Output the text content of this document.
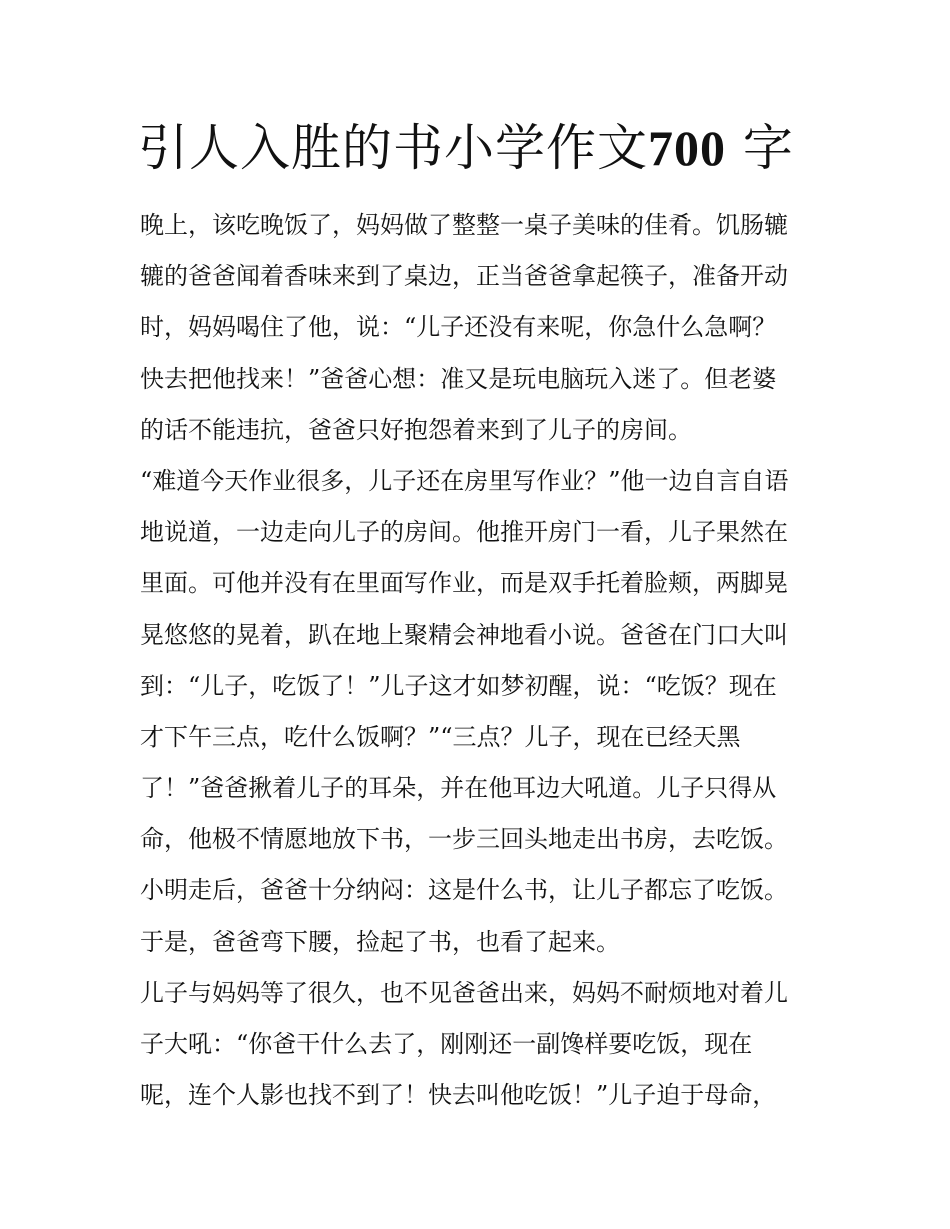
引人入胜的书小学作文700 字
晚上，该吃晚饭了，妈妈做了整整一桌子美味的佳肴。饥肠辘
辘的爸爸闻着香味来到了桌边，正当爸爸拿起筷子，准备开动
时，妈妈喝住了他，说：“儿子还没有来呢，你急什么急啊？
快去把他找来！”爸爸心想：准又是玩电脑玩入迷了。但老婆
的话不能违抗，爸爸只好抱怨着来到了儿子的房间。
“难道今天作业很多，儿子还在房里写作业？”他一边自言自语
地说道，一边走向儿子的房间。他推开房门一看，儿子果然在
里面。可他并没有在里面写作业，而是双手托着脸颊，两脚晃
晃悠悠的晃着，趴在地上聚精会神地看小说。爸爸在门口大叫
到：“儿子，吃饭了！”儿子这才如梦初醒，说：“吃饭？现在
才下午三点，吃什么饭啊？”“三点？儿子，现在已经天黑
了！”爸爸揪着儿子的耳朵，并在他耳边大吼道。儿子只得从
命，他极不情愿地放下书，一步三回头地走出书房，去吃饭。
小明走后，爸爸十分纳闷：这是什么书，让儿子都忘了吃饭。
于是，爸爸弯下腰，捡起了书，也看了起来。
儿子与妈妈等了很久，也不见爸爸出来，妈妈不耐烦地对着儿
子大吼：“你爸干什么去了，刚刚还一副馋样要吃饭，现在
呢，连个人影也找不到了！快去叫他吃饭！”儿子迫于母命，
